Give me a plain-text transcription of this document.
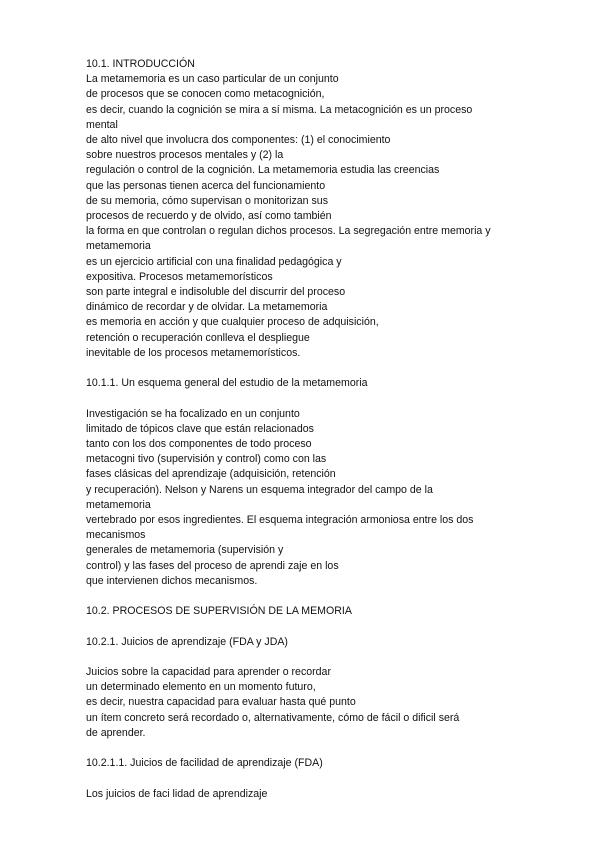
10.1. INTRODUCCIÓN
La metamemoria es un caso particular de un conjunto
de procesos que se conocen como metacognición,
es decir, cuando la cognición se mira a sí misma. La metacognición es un proceso
mental
de alto nivel que involucra dos componentes: (1) el conocimiento
sobre nuestros procesos mentales y (2) la
regulación o control de la cognición. La metamemoria estudia las creencias
que las personas tienen acerca del funcionamiento
de su memoria, cómo supervisan o monitorizan sus
procesos de recuerdo y de olvido, así como también
la forma en que controlan o regulan dichos procesos. La segregación entre memoria y
metamemoria
es un ejercicio artificial con una finalidad pedagógica y
expositiva. Procesos metamemorísticos
son parte integral e indisoluble del discurrir del proceso
dinámico de recordar y de olvidar. La metamemoria
es memoria en acción y que cualquier proceso de adquisición,
retención o recuperación conlleva el despliegue
inevitable de los procesos metamemorísticos.
10.1.1. Un esquema general del estudio de la metamemoria
Investigación se ha focalizado en un conjunto
limitado de tópicos clave que están relacionados
tanto con los dos componentes de todo proceso
metacogni tivo (supervisión y control) como con las
fases clásicas del aprendizaje (adquisición, retención
y recuperación). Nelson y Narens un esquema integrador del campo de la
metamemoria
vertebrado por esos ingredientes. El esquema integración armoniosa entre los dos
mecanismos
generales de metamemoria (supervisión y
control) y las fases del proceso de aprendi zaje en los
que intervienen dichos mecanismos.
10.2. PROCESOS DE SUPERVISIÓN DE LA MEMORIA
10.2.1. Juicios de aprendizaje (FDA y JDA)
Juicios sobre la capacidad para aprender o recordar
un determinado elemento en un momento futuro,
es decir, nuestra capacidad para evaluar hasta qué punto
un ítem concreto será recordado o, alternativamente, cómo de fácil o dificil será
de aprender.
10.2.1.1. Juicios de facilidad de aprendizaje (FDA)
Los juicios de faci lidad de aprendizaje
